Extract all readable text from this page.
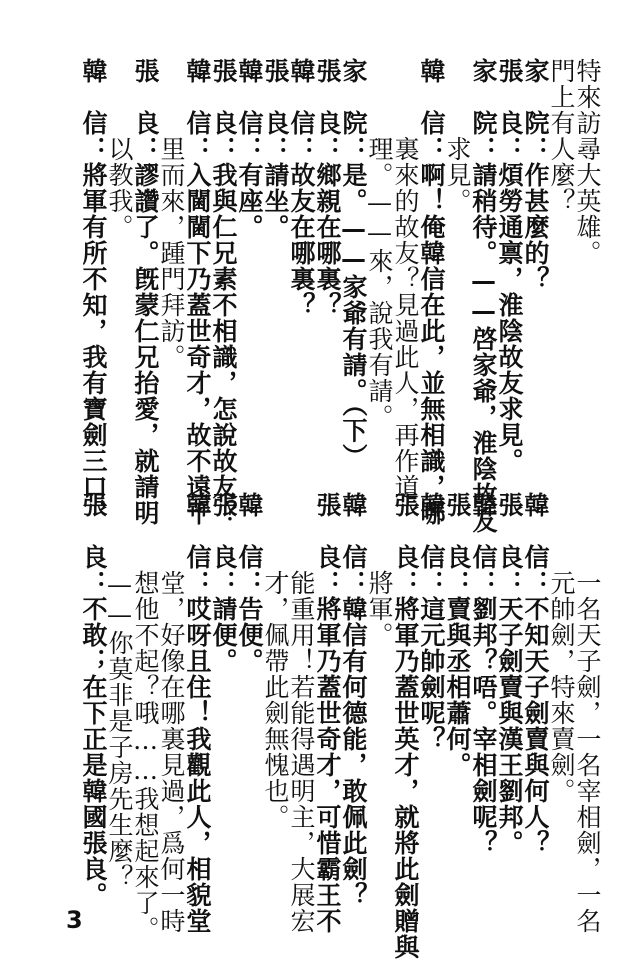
特來訪尋大英雄。
門上有人麼？
家　院：作甚麼的？
張　良：煩勞通禀，淮陰故友求見。
家　院：請稍待。——啓家爺，淮陰故友
　　　求見。
韓　信：啊！俺韓信在此，並無相識，哪
　　　裏來的故友？見過此人，再作道
　　　理。——來，說我有請。
家　院：是。——家爺有請。（下）
張　良：鄉親在哪裏？
韓　信：故友在哪裏？
張　良：請坐。
韓　信：有座。
張　良：我與仁兄素不相識，怎說故友？
韓　信：入閫閫下乃蓋世奇才，故不遠千
　　　里而來，踵門拜訪。
張　良：謬讚了。旣蒙仁兄抬愛，就請明
　　　以教我。
韓　信：將軍有所不知，我有寶劍三口，
　　　一名天子劍，一名宰相劍，一名
　　　元帥劍，特來賣劍。
韓　信：不知天子劍賣與何人？
張　良：天子劍賣與漢王劉邦。
韓　信：劉邦？唔。宰相劍呢？
張　良：賣與丞相蕭何。
韓　信：這元帥劍呢？
張　良：將軍乃蓋世英才，就將此劍贈與
　　　將軍。
韓　信：韓信有何德能，敢佩此劍？
張　良：將軍乃蓋世奇才，可惜霸王不
　　　能重用！若能得遇明主，大展宏
　　　才，佩帶此劍無愧也。
韓　信：告便。
張　良：請便。
韓　信：哎呀且住！我觀此人，相貌堂
　　　堂，好像在哪裏見過，爲何一時
　　　想他不起？哦……我想起來了。
　　　——你莫非是子房先生麼？
張　良：不敢；在下正是韓國張良。
3
